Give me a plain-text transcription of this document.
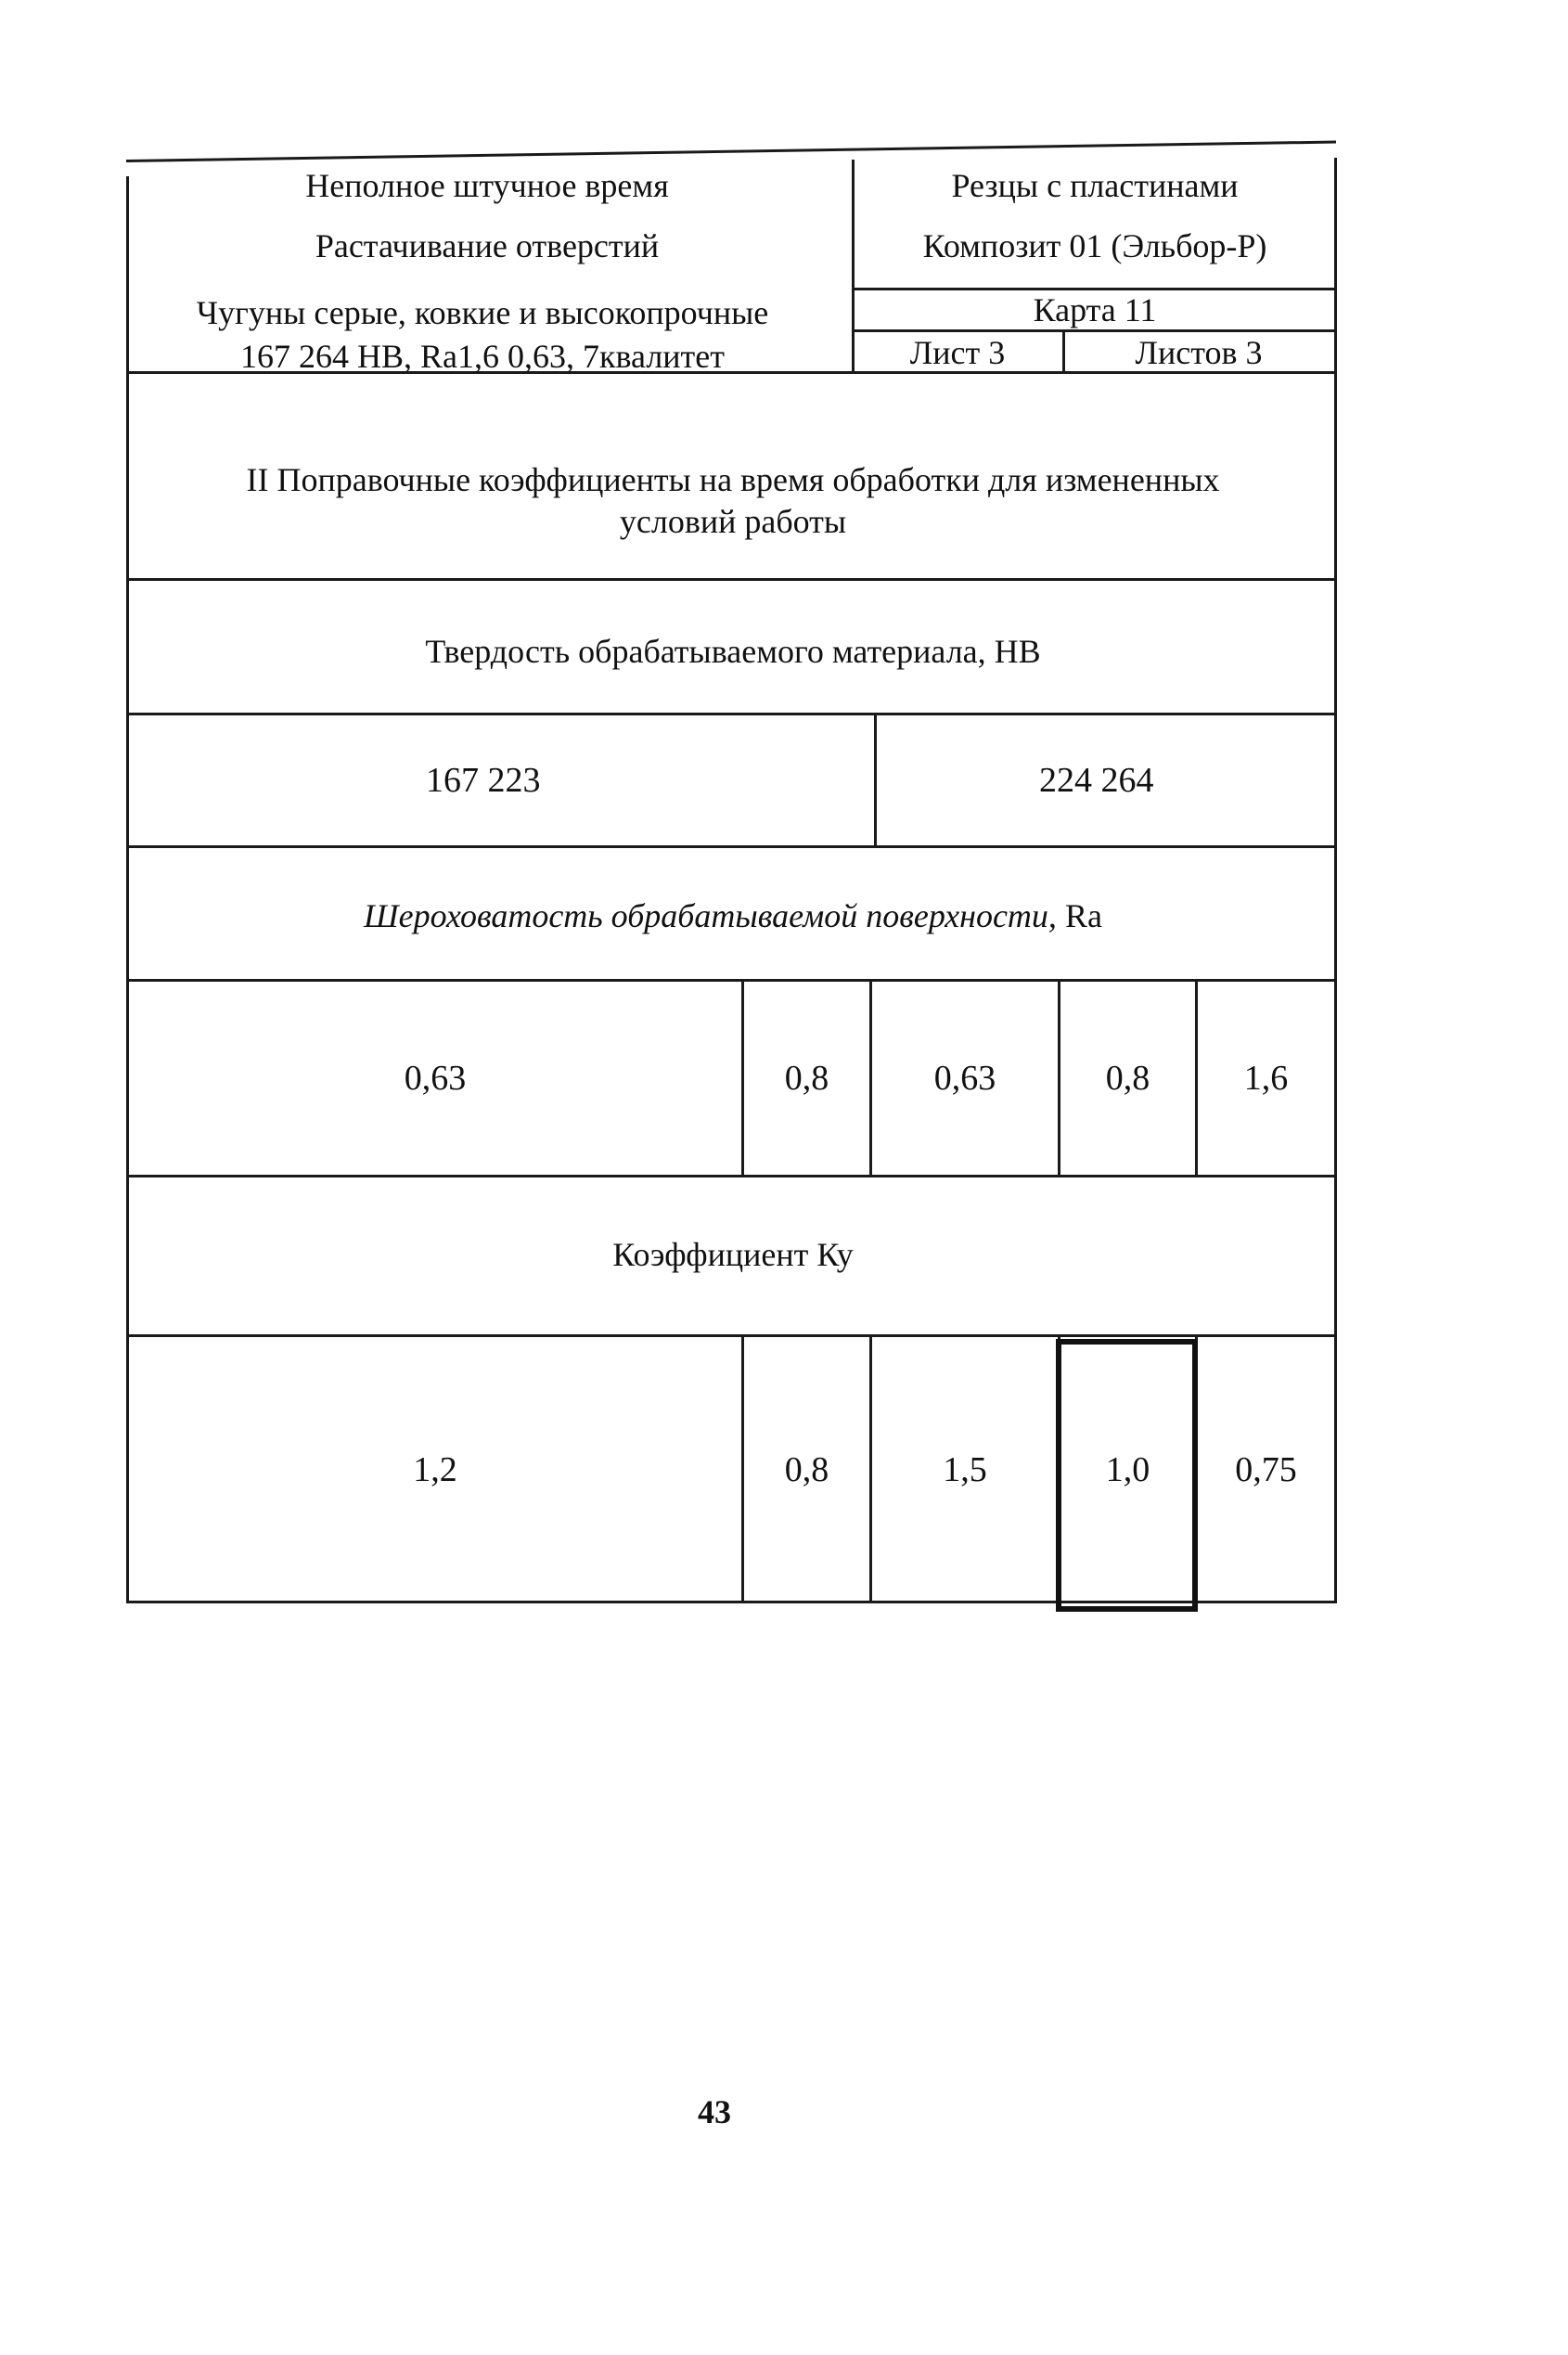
Неполное штучное время
Растачивание отверстий
Чугуны серые, ковкие и высокопрочные
167 264 НВ, Ra1,6 0,63, 7квалитет
Резцы с пластинами
Композит 01 (Эльбор-Р)
Карта 11
Лист 3	Листов 3
II Поправочные коэффициенты на время обработки для измененных
условий работы
Твердость обрабатываемого материала, НВ
167 223	224 264
Шероховатость обрабатываемой поверхности, Ra
0,63	0,8	0,63	0,8	1,6
Коэффициент Ку
1,2	0,8	1,5	1,0	0,75
43
